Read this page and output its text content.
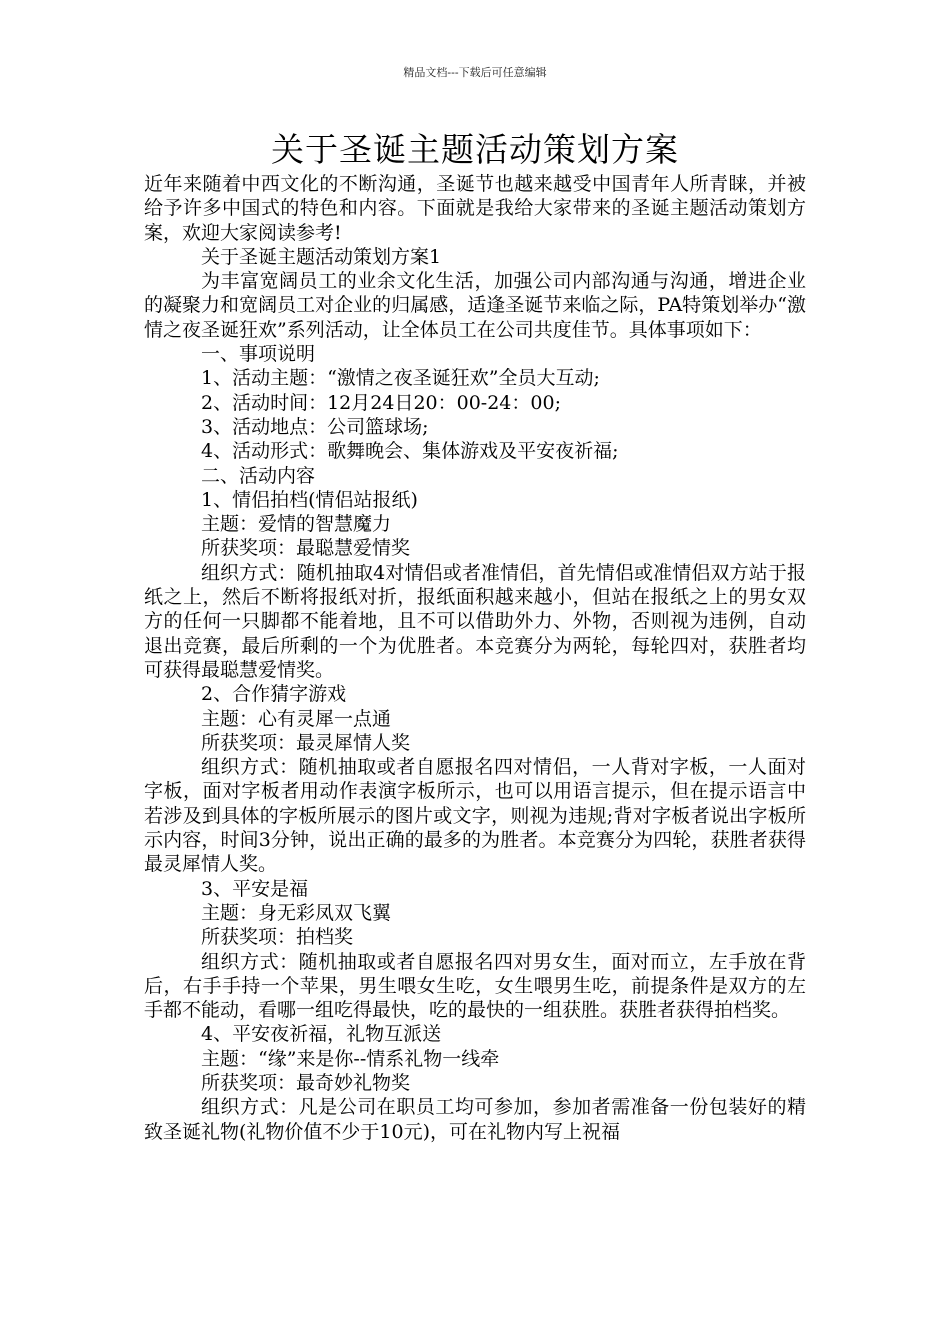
精品文档---下载后可任意编辑
关于圣诞主题活动策划方案

近年来随着中西文化的不断沟通，圣诞节也越来越受中国青年人所青睐，并被给予许多中国式的特色和内容。下面就是我给大家带来的圣诞主题活动策划方案，欢迎大家阅读参考!

关于圣诞主题活动策划方案1

为丰富宽阔员工的业余文化生活，加强公司内部沟通与沟通，增进企业的凝聚力和宽阔员工对企业的归属感，适逢圣诞节来临之际，PA特策划举办“激情之夜圣诞狂欢”系列活动，让全体员工在公司共度佳节。具体事项如下：

一、事项说明

1、活动主题：“激情之夜圣诞狂欢”全员大互动;

2、活动时间：12月24日20：00-24：00;

3、活动地点：公司篮球场;

4、活动形式：歌舞晚会、集体游戏及平安夜祈福;

二、活动内容

1、情侣拍档(情侣站报纸)

主题：爱情的智慧魔力

所获奖项：最聪慧爱情奖

组织方式：随机抽取4对情侣或者准情侣，首先情侣或准情侣双方站于报纸之上，然后不断将报纸对折，报纸面积越来越小，但站在报纸之上的男女双方的任何一只脚都不能着地，且不可以借助外力、外物，否则视为违例，自动退出竞赛，最后所剩的一个为优胜者。本竞赛分为两轮，每轮四对，获胜者均可获得最聪慧爱情奖。

2、合作猜字游戏

主题：心有灵犀一点通

所获奖项：最灵犀情人奖

组织方式：随机抽取或者自愿报名四对情侣，一人背对字板，一人面对字板，面对字板者用动作表演字板所示，也可以用语言提示，但在提示语言中若涉及到具体的字板所展示的图片或文字，则视为违规;背对字板者说出字板所示内容，时间3分钟，说出正确的最多的为胜者。本竞赛分为四轮，获胜者获得最灵犀情人奖。

3、平安是福

主题：身无彩凤双飞翼

所获奖项：拍档奖

组织方式：随机抽取或者自愿报名四对男女生，面对而立，左手放在背后，右手手持一个苹果，男生喂女生吃，女生喂男生吃，前提条件是双方的左手都不能动，看哪一组吃得最快，吃的最快的一组获胜。获胜者获得拍档奖。

4、平安夜祈福，礼物互派送

主题：“缘”来是你--情系礼物一线牵

所获奖项：最奇妙礼物奖

组织方式：凡是公司在职员工均可参加，参加者需准备一份包装好的精致圣诞礼物(礼物价值不少于10元)，可在礼物内写上祝福
